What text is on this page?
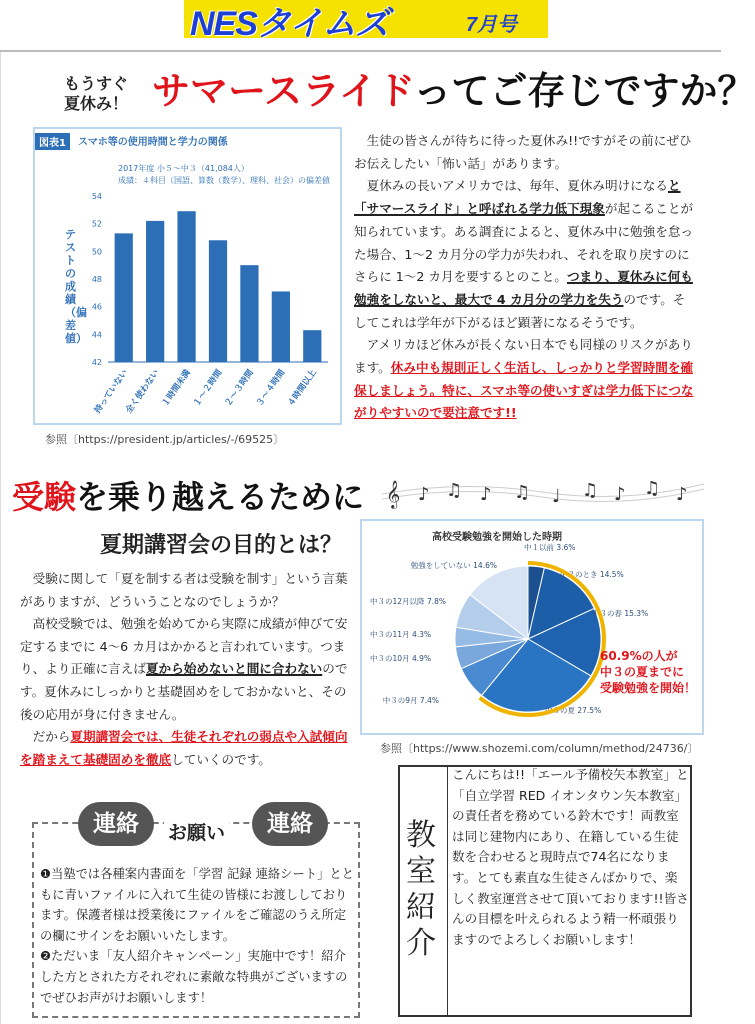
NESタイムズ	7月号
もうすぐ
夏休み！ サマースライドってご存じですか？
図表1	スマホ等の使用時間と学力の関係
2017年度 小５～中３（41,084人）
成績：４科目（国語、算数（数学）、理科、社会）の偏差値
テストの成績（偏差値）
42
44
46
48
50
52
54
持っていない
全く使わない
１時間未満
１～２時間
２～３時間
３～４時間
４時間以上
参照〔https://president.jp/articles/-/69525〕

生徒の皆さんが待ちに待った夏休み!!ですがその前にぜひお伝えしたい「怖い話」があります。

夏休みの長いアメリカでは、毎年、夏休み明けになると「サマースライド」と呼ばれる学力低下現象が起こることが知られています。ある調査によると、夏休み中に勉強を怠った場合、1～2 カ月分の学力が失われ、それを取り戻すのにさらに 1～2 カ月を要するとのこと。つまり、夏休みに何も勉強をしないと、最大で 4 カ月分の学力を失うのです。そしてこれは学年が下がるほど顕著になるそうです。

アメリカほど休みが長くない日本でも同様のリスクがあります。休み中も規則正しく生活し、しっかりと学習時間を確保しましょう。特に、スマホ等の使いすぎは学力低下につながりやすいので要注意です!!

受験を乗り越えるために
夏期講習会の目的とは？
𝄞 ♪ ♫ ♪ ♫ ♩ ♫ ♪ ♫ ♪

受験に関して「夏を制する者は受験を制す」という言葉がありますが、どういうことなのでしょうか？

高校受験では、勉強を始めてから実際に成績が伸びて安定するまでに 4～6 カ月はかかると言われています。つまり、より正確に言えば夏から始めないと間に合わないのです。夏休みにしっかりと基礎固めをしておかないと、その後の応用が身に付きません。

だから夏期講習会では、生徒それぞれの弱点や入試傾向を踏まえて基礎固めを徹底していくのです。

高校受験勉強を開始した時期
中１以前 3.6%
中２のとき 14.5%
中３の春 15.3%
中３の夏 27.5%
中３の9月 7.4%
中３の10月 4.9%
中３の11月 4.3%
中３の12月以降 7.8%
勉強をしていない 14.6%
60.9%の人が
中３の夏までに
受験勉強を開始！
参照〔https://www.shozemi.com/column/method/24736/〕
連絡	お願い	連絡

❶当塾では各種案内書面を「学習 記録 連絡シート」とともに青いファイルに入れて生徒の皆様にお渡ししております。保護者様は授業後にファイルをご確認のうえ所定の欄にサインをお願いいたします。

❷ただいま「友人紹介キャンペーン」実施中です！紹介した方とされた方それぞれに素敵な特典がございますのでぜひお声がけお願いします！

教室紹介

こんにちは!!「エール予備校矢本教室」と「自立学習 RED イオンタウン矢本教室」の責任者を務めている鈴木です！両教室は同じ建物内にあり、在籍している生徒数を合わせると現時点で74名になります。とても素直な生徒さんばかりで、楽しく教室運営させて頂いております!!皆さんの目標を叶えられるよう精一杯頑張りますのでよろしくお願いします！
